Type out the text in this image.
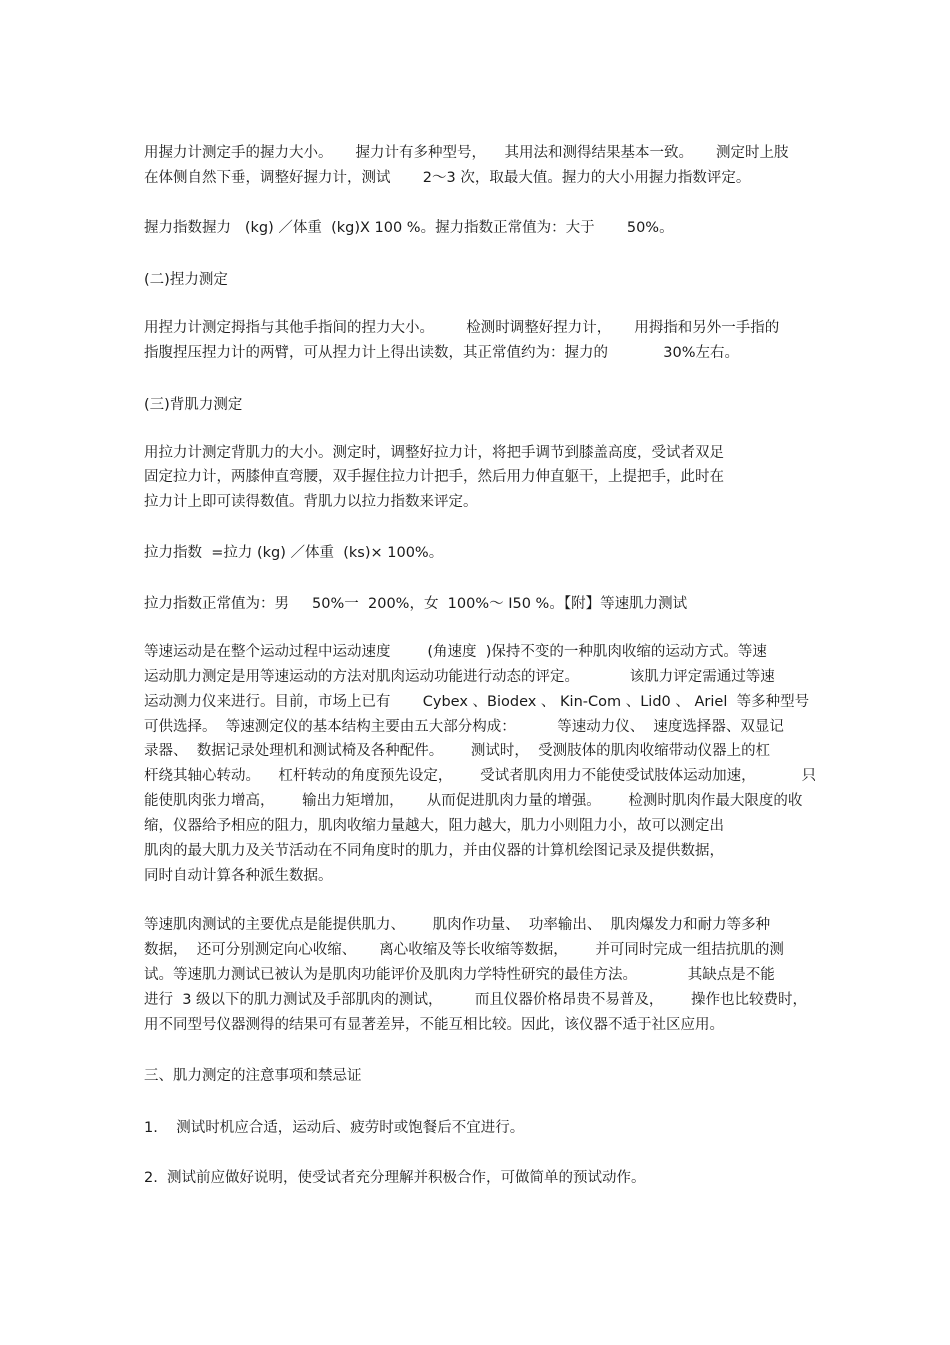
用握力计测定手的握力大小。     握力计有多种型号，    其用法和测得结果基本一致。     测定时上肢
在体侧自然下垂，调整好握力计，测试       2～3 次，取最大值。握力的大小用握力指数评定。
握力指数握力   (kg) ／体重  (kg)X 100 %。握力指数正常值为：大于       50%。
(二)捏力测定
用捏力计测定拇指与其他手指间的捏力大小。       检测时调整好捏力计，     用拇指和另外一手指的
指腹捏压捏力计的两臂，可从捏力计上得出读数，其正常值约为：握力的            30%左右。
(三)背肌力测定
用拉力计测定背肌力的大小。测定时，调整好拉力计，将把手调节到膝盖高度，受试者双足
固定拉力计，两膝伸直弯腰，双手握住拉力计把手，然后用力伸直躯干，上提把手，此时在
拉力计上即可读得数值。背肌力以拉力指数来评定。
拉力指数  =拉力 (kg) ／体重  (ks)× 100%。
拉力指数正常值为：男     50%一  200%，女  100%～ I50 %。【附】等速肌力测试
等速运动是在整个运动过程中运动速度        (角速度  )保持不变的一种肌肉收缩的运动方式。等速
运动肌力测定是用等速运动的方法对肌肉运动功能进行动态的评定。           该肌力评定需通过等速
运动测力仪来进行。目前，市场上已有       Cybex 、Biodex 、 Kin-Com 、Lid0 、 Ariel  等多种型号
可供选择。  等速测定仪的基本结构主要由五大部分构成：         等速动力仪、  速度选择器、双显记
录器、  数据记录处理机和测试椅及各种配件。      测试时，  受测肢体的肌肉收缩带动仪器上的杠
杆绕其轴心转动。    杠杆转动的角度预先设定，      受试者肌肉用力不能使受试肢体运动加速，          只
能使肌肉张力增高，      输出力矩增加，     从而促进肌肉力量的增强。      检测时肌肉作最大限度的收
缩，仪器给予相应的阻力，肌肉收缩力量越大，阻力越大，肌力小则阻力小，故可以测定出
肌肉的最大肌力及关节活动在不同角度时的肌力，并由仪器的计算机绘图记录及提供数据，
同时自动计算各种派生数据。
等速肌肉测试的主要优点是能提供肌力、      肌肉作功量、  功率输出、  肌肉爆发力和耐力等多种
数据，  还可分别测定向心收缩、     离心收缩及等长收缩等数据，      并可同时完成一组拮抗肌的测
试。等速肌力测试已被认为是肌肉功能评价及肌肉力学特性研究的最佳方法。           其缺点是不能
进行  3 级以下的肌力测试及手部肌肉的测试，       而且仪器价格昂贵不易普及，      操作也比较费时，
用不同型号仪器测得的结果可有显著差异，不能互相比较。因此，该仪器不适于社区应用。
三、肌力测定的注意事项和禁忌证
1.    测试时机应合适，运动后、疲劳时或饱餐后不宜进行。
2.  测试前应做好说明，使受试者充分理解并积极合作，可做简单的预试动作。
